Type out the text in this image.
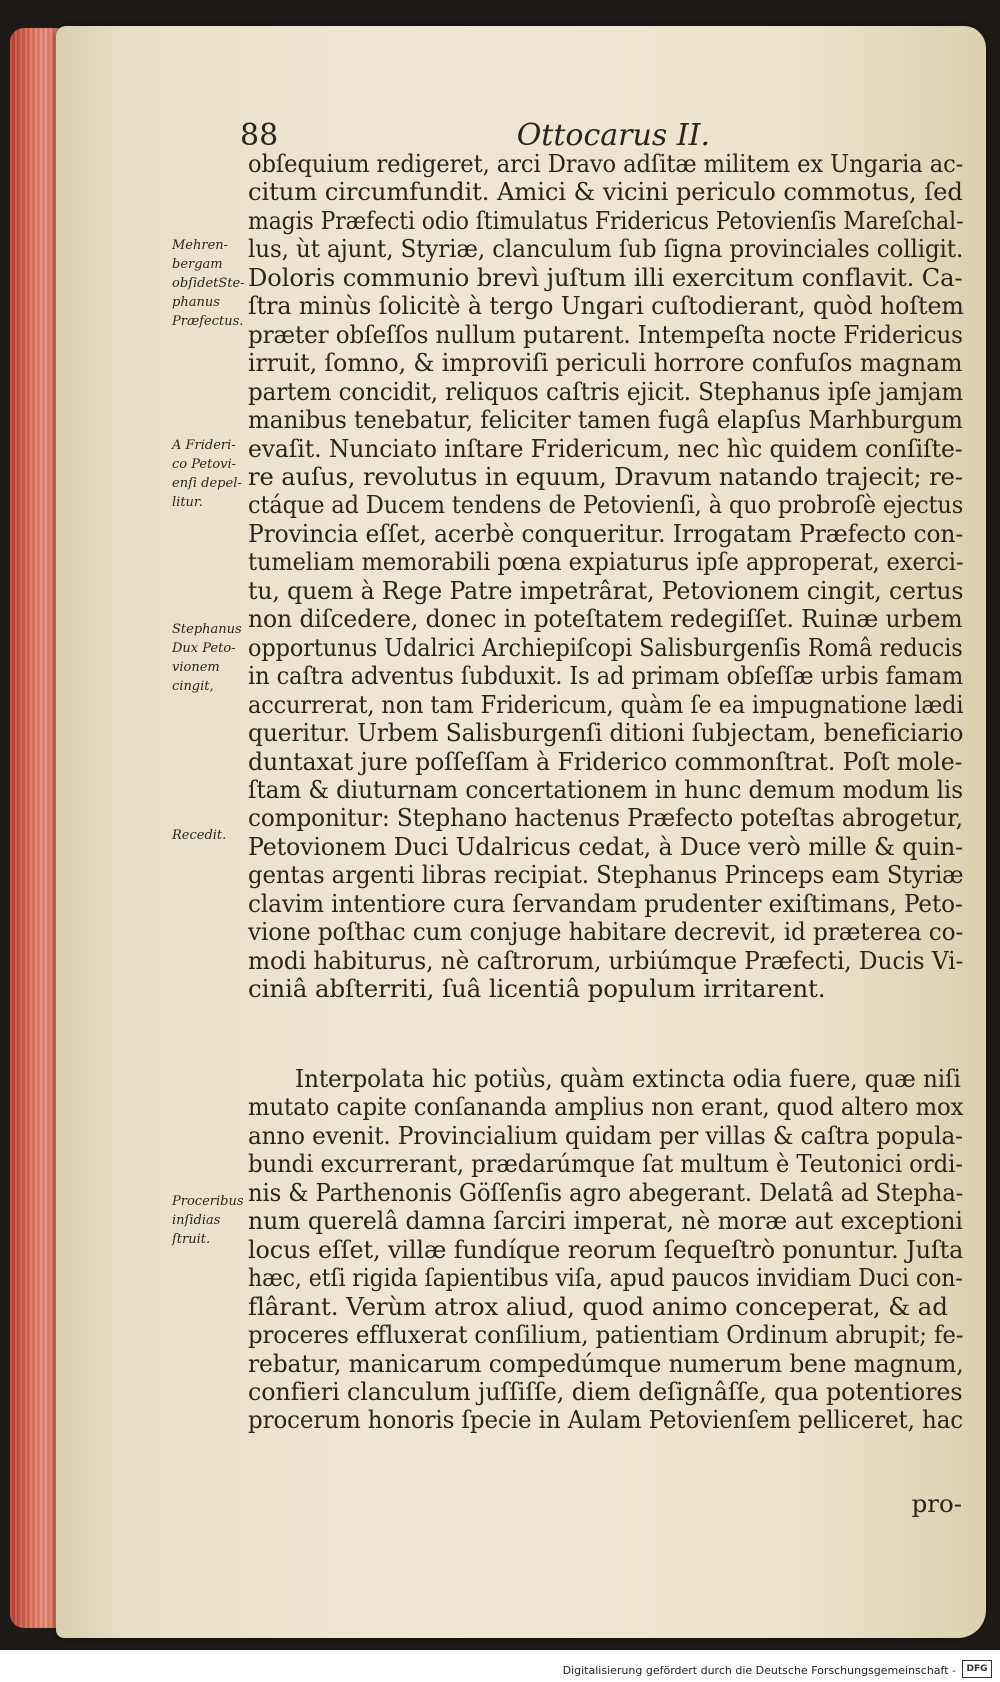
88	Ottocarus II.
obſequium redigeret, arci Dravo adſitæ militem ex Ungaria ac-
citum circumfundit. Amici & vicini periculo commotus, ſed
magis Præfecti odio ſtimulatus Fridericus Petovienſis Mareſchal-
lus, ùt ajunt, Styriæ, clanculum ſub ſigna provinciales colligit.
Doloris communio brevì juſtum illi exercitum conflavit. Ca-
ſtra minùs ſolicitè à tergo Ungari cuſtodierant, quòd hoſtem
præter obſeſſos nullum putarent. Intempeſta nocte Fridericus
irruit, ſomno, & improviſi periculi horrore confuſos magnam
partem concidit, reliquos caſtris ejicit. Stephanus ipſe jamjam
manibus tenebatur, feliciter tamen fugâ elapſus Marhburgum
evaſit. Nunciato inſtare Fridericum, nec hìc quidem conſiſte-
re auſus, revolutus in equum, Dravum natando trajecit; re-
ctáque ad Ducem tendens de Petovienſi, à quo probroſè ejectus
Provincia eſſet, acerbè conqueritur. Irrogatam Præfecto con-
tumeliam memorabili pœna expiaturus ipſe approperat, exerci-
tu, quem à Rege Patre impetrârat, Petovionem cingit, certus
non diſcedere, donec in poteſtatem redegiſſet. Ruinæ urbem
opportunus Udalrici Archiepiſcopi Salisburgenſis Româ reducis
in caſtra adventus ſubduxit. Is ad primam obſeſſæ urbis famam
accurrerat, non tam Fridericum, quàm ſe ea impugnatione lædi
queritur. Urbem Salisburgenſi ditioni ſubjectam, beneficiario
duntaxat jure poſſeſſam à Friderico commonſtrat. Poſt mole-
ſtam & diuturnam concertationem in hunc demum modum lis
componitur: Stephano hactenus Præfecto poteſtas abrogetur,
Petovionem Duci Udalricus cedat, à Duce verò mille & quin-
gentas argenti libras recipiat. Stephanus Princeps eam Styriæ
clavim intentiore cura ſervandam prudenter exiſtimans, Peto-
vione poſthac cum conjuge habitare decrevit, id præterea co-
modi habiturus, nè caſtrorum, urbiúmque Præfecti, Ducis Vi-
ciniâ abſterriti, ſuâ licentiâ populum irritarent.
Interpolata hic potiùs, quàm extincta odia fuere, quæ niſi
mutato capite conſananda amplius non erant, quod altero mox
anno evenit. Provincialium quidam per villas & caſtra popula-
bundi excurrerant, prædarúmque ſat multum è Teutonici ordi-
nis & Parthenonis Göſſenſis agro abegerant. Delatâ ad Stepha-
num querelâ damna ſarciri imperat, nè moræ aut exceptioni
locus eſſet, villæ fundíque reorum ſequeſtrò ponuntur. Juſta
hæc, etſi rigida ſapientibus viſa, apud paucos invidiam Duci con-
flârant. Verùm atrox aliud, quod animo conceperat, & ad
proceres effluxerat conſilium, patientiam Ordinum abrupit; fe-
rebatur, manicarum compedúmque numerum bene magnum,
confieri clanculum juſſiſſe, diem deſignâſſe, qua potentiores
procerum honoris ſpecie in Aulam Petovienſem pelliceret, hac
pro-
Mehren-
bergam
obſidetSte-
phanus
Præfectus.
A Frideri-
co Petovi-
enſi depel-
litur.
Stephanus
Dux Peto-
vionem
cingit,
Recedit.
Proceribus
inſidias
ſtruit.
Digitalisierung gefördert durch die Deutsche Forschungsgemeinschaft -	DFG
